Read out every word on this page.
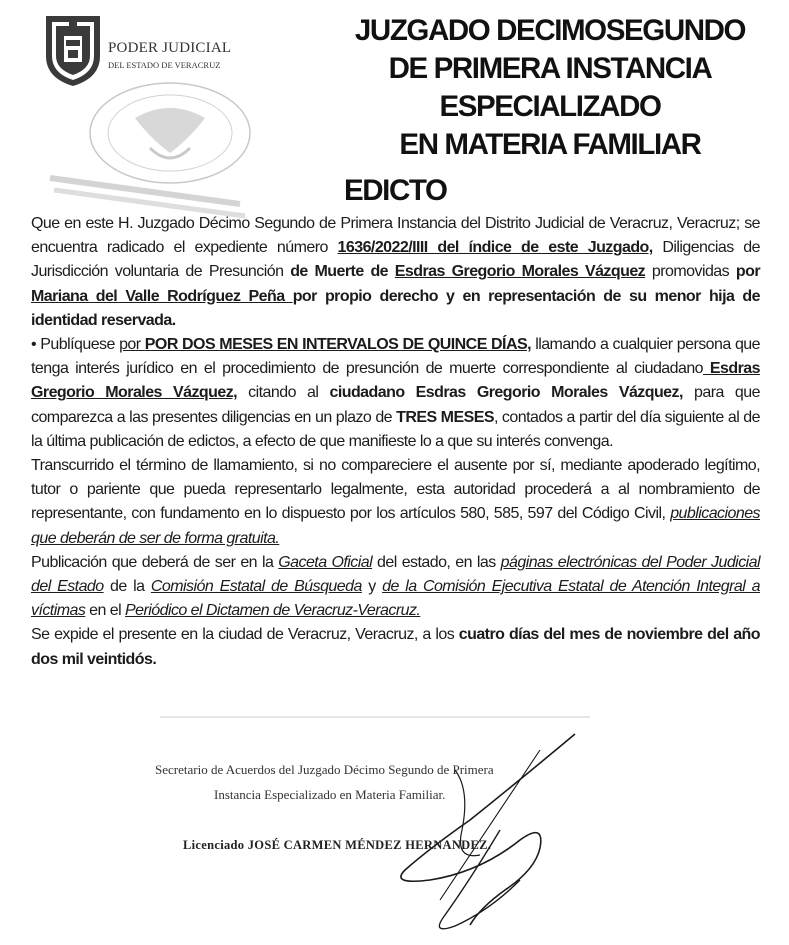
PODER JUDICIAL
DEL ESTADO DE VERACRUZ
JUZGADO DECIMOSEGUNDO
DE PRIMERA INSTANCIA
ESPECIALIZADO
EN MATERIA FAMILIAR
EDICTO

Que en este H. Juzgado Décimo Segundo de Primera Instancia del Distrito Judicial de Veracruz, Veracruz; se encuentra radicado el expediente número 1636/2022/IIII del índice de este Juzgado, Diligencias de Jurisdicción voluntaria de Presunción de Muerte de Esdras Gregorio Morales Vázquez promovidas por Mariana del Valle Rodríguez Peña por propio derecho y en representación de su menor hija de identidad reservada.

• Publíquese por POR DOS MESES EN INTERVALOS DE QUINCE DÍAS, llamando a cualquier persona que tenga interés jurídico en el procedimiento de presunción de muerte correspondiente al ciudadano Esdras Gregorio Morales Vázquez, citando al ciudadano Esdras Gregorio Morales Vázquez, para que comparezca a las presentes diligencias en un plazo de TRES MESES, contados a partir del día siguiente al de la última publicación de edictos, a efecto de que manifieste lo a que su interés convenga.

Transcurrido el término de llamamiento, si no compareciere el ausente por sí, mediante apoderado legítimo, tutor o pariente que pueda representarlo legalmente, esta autoridad procederá a al nombramiento de representante, con fundamento en lo dispuesto por los artículos 580, 585, 597 del Código Civil, publicaciones que deberán de ser de forma gratuita.

Publicación que deberá de ser en la Gaceta Oficial del estado, en las páginas electrónicas del Poder Judicial del Estado de la Comisión Estatal de Búsqueda y de la Comisión Ejecutiva Estatal de Atención Integral a víctimas en el Periódico el Dictamen de Veracruz-Veracruz.

Se expide el presente en la ciudad de Veracruz, Veracruz, a los cuatro días del mes de noviembre del año dos mil veintidós.

Secretario de Acuerdos del Juzgado Décimo Segundo de Primera
Instancia Especializado en Materia Familiar.
Licenciado JOSÉ CARMEN MÉNDEZ HERNANDEZ.
